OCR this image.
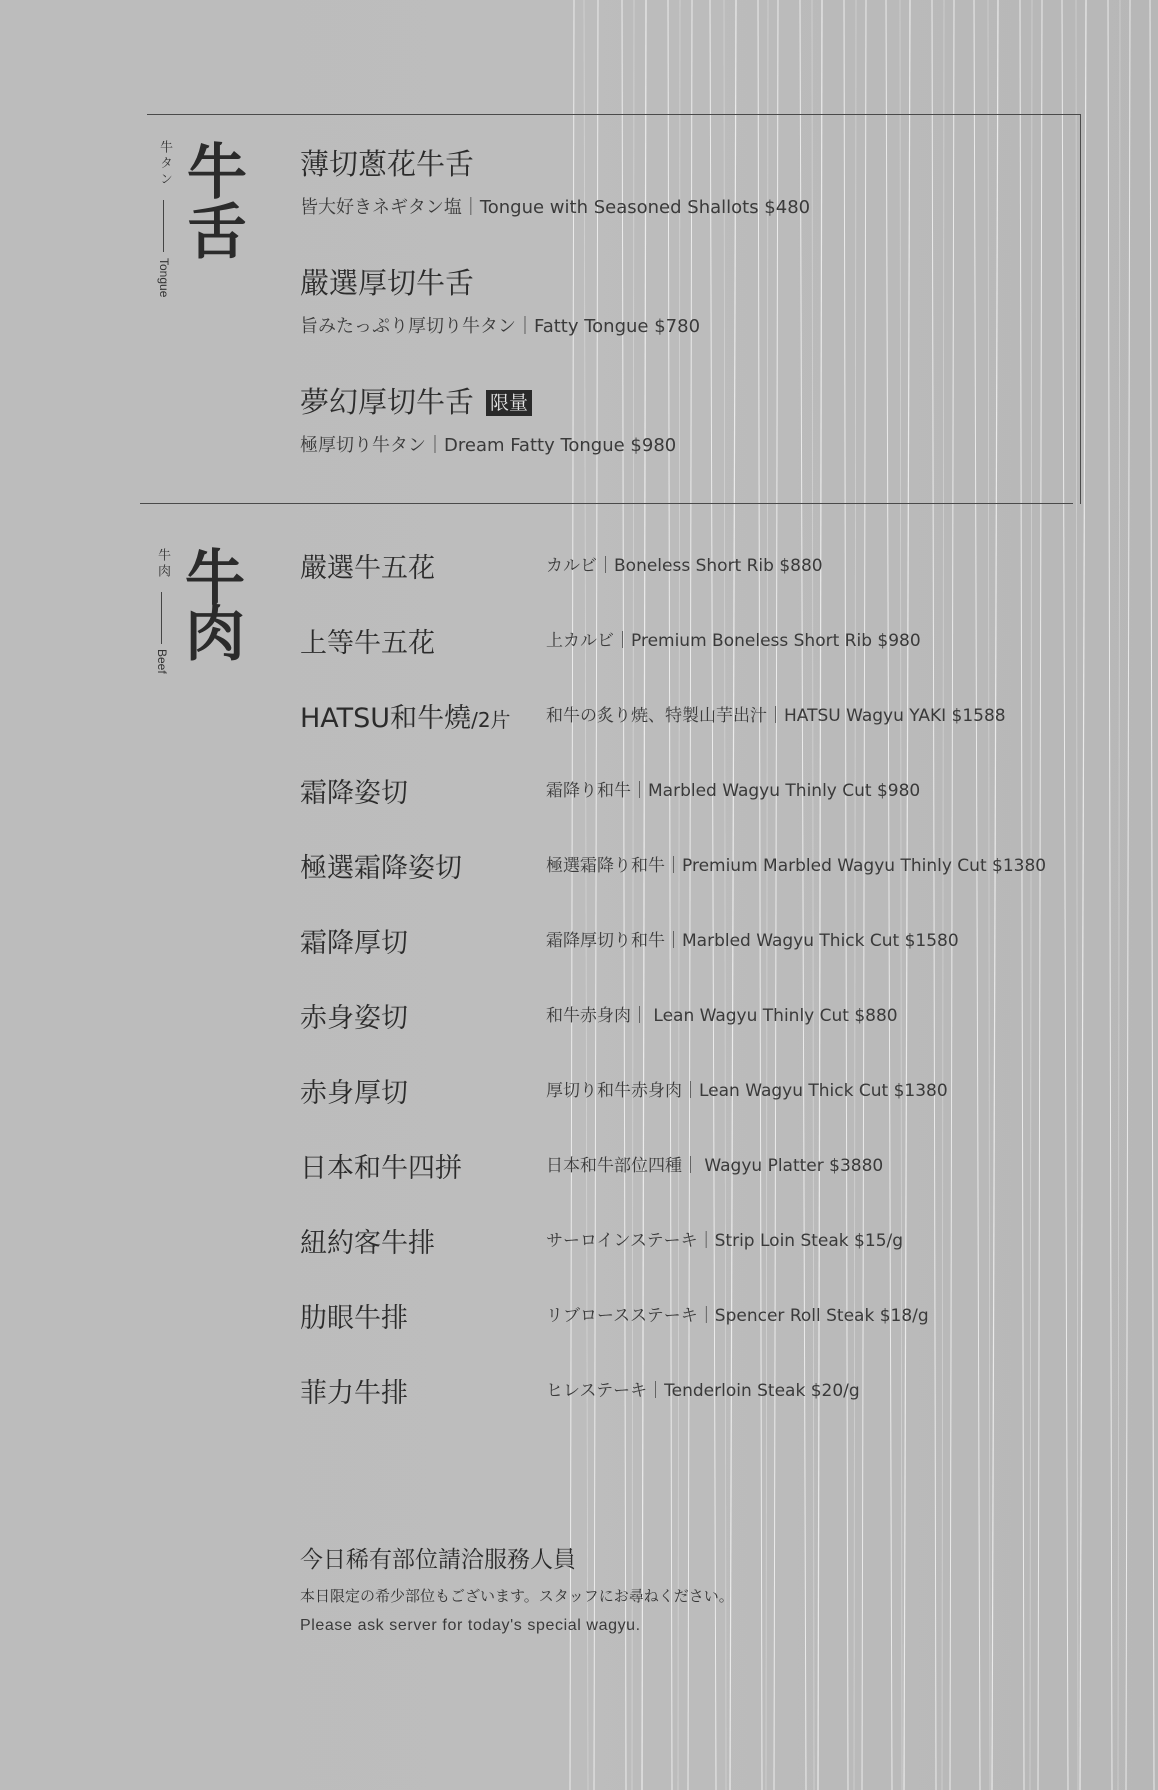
牛タン
Tongue
牛
舌
薄切蔥花牛舌
皆大好きネギタン塩｜Tongue with Seasoned Shallots $480
嚴選厚切牛舌
旨みたっぷり厚切り牛タン｜Fatty Tongue $780
夢幻厚切牛舌 限量
極厚切り牛タン｜Dream Fatty Tongue $980
牛肉
Beef
牛
肉
嚴選牛五花	カルビ｜Boneless Short Rib $880
上等牛五花	上カルビ｜Premium Boneless Short Rib $980
HATSU和牛燒/2片 和牛の炙り焼、特製山芋出汁｜HATSU Wagyu YAKI $1588
霜降姿切	霜降り和牛｜Marbled Wagyu Thinly Cut $980
極選霜降姿切	極選霜降り和牛｜Premium Marbled Wagyu Thinly Cut $1380
霜降厚切	霜降厚切り和牛｜Marbled Wagyu Thick Cut $1580
赤身姿切	和牛赤身肉｜ Lean Wagyu Thinly Cut $880
赤身厚切	厚切り和牛赤身肉｜Lean Wagyu Thick Cut $1380
日本和牛四拼	日本和牛部位四種｜ Wagyu Platter $3880
紐約客牛排	サーロインステーキ｜Strip Loin Steak $15/g
肋眼牛排	リブロースステーキ｜Spencer Roll Steak $18/g
菲力牛排	ヒレステーキ｜Tenderloin Steak $20/g
今日稀有部位請洽服務人員
本日限定の希少部位もございます。スタッフにお尋ねください。
Please ask server for today's special wagyu.
